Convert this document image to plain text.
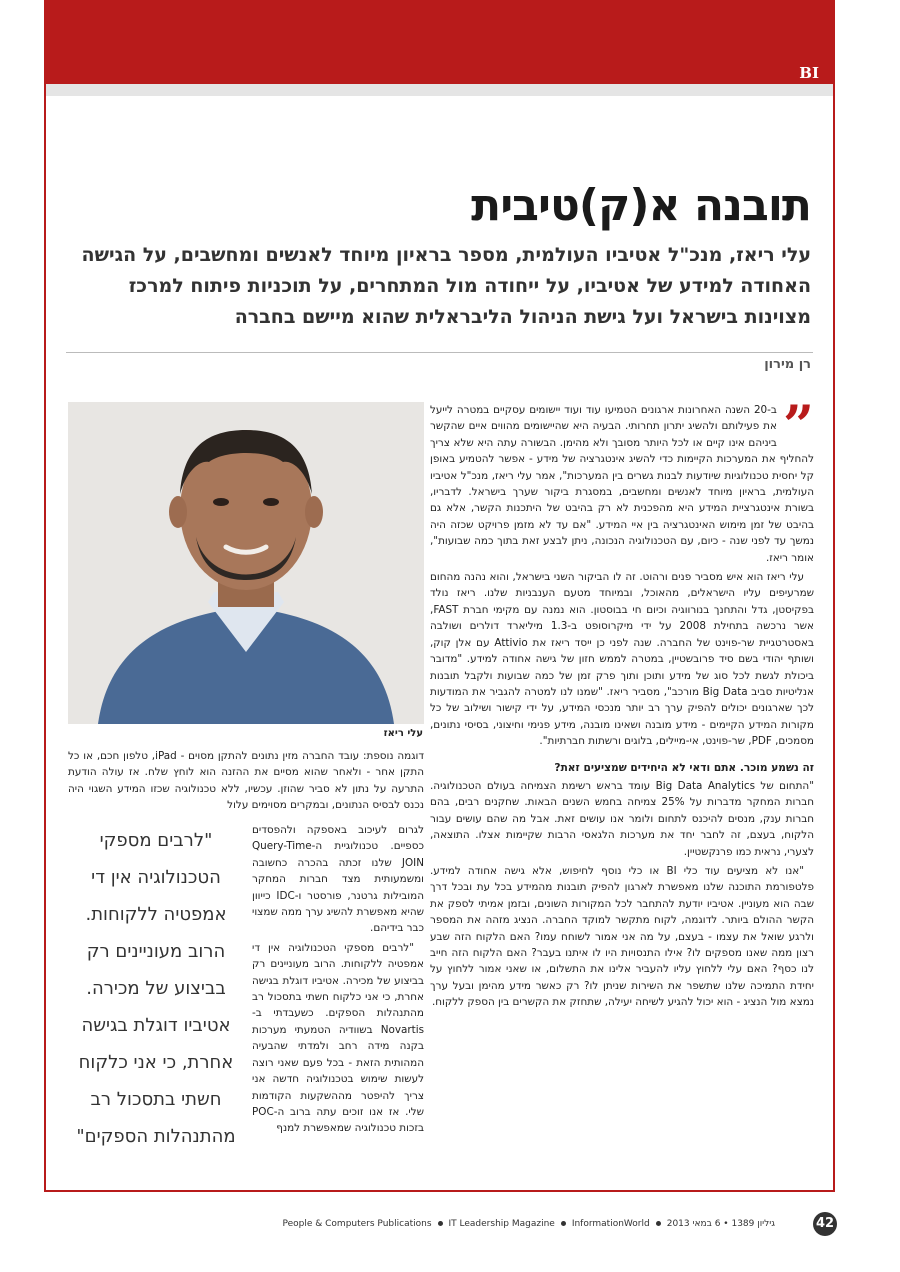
BI
תובנה א(ק)טיבית
עלי ריאז, מנכ"ל אטיביו העולמית, מספר בראיון מיוחד לאנשים ומחשבים, על הגישה האחודה למידע של אטיביו, על ייחודה מול המתחרים, על תוכניות פיתוח למרכז מצוינות בישראל ועל גישת הניהול הליבראלית שהוא מיישם בחברה
רן מירון
”

ב-20 השנה האחרונות ארגונים הטמיעו עוד ועוד יישומים עסקיים במטרה לייעל את פעילותם ולהשיג יתרון תחרותי. הבעיה היא שהיישומים מהווים איים שהקשר ביניהם אינו קיים או לכל היותר מסובך ולא מהימן. הבשורה עתה היא שלא צריך להחליף את המערכות הקיימות כדי להשיג אינטגרציה של מידע - אפשר להטמיע באופן קל יחסית טכנולוגיות שיודעות לבנות גשרים בין המערכות", אמר עלי ריאז, מנכ"ל אטיביו העולמית, בראיון מיוחד לאנשים ומחשבים, במסגרת ביקור שערך בישראל. לדבריו, בשורת אינטגרציית המידע היא מהפכנית לא רק בהיבט של היתכנות הקשר, אלא גם בהיבט של זמן מימוש האינטגרציה בין איי המידע. "אם עד לא מזמן פרויקט שכזה היה נמשך עד לפני שנה - כיום, עם הטכנולוגיה הנכונה, ניתן לבצע זאת בתוך כמה שבועות", אומר ריאז.

עלי ריאז הוא איש מסביר פנים ורהוט. זה לו הביקור השני בישראל, והוא נהנה מהחום שמרעיפים עליו הישראלים, מהאוכל, ובמיוחד מטעם הענבניות שלנו. ריאז נולד בפקיסטן, גדל והתחנך בנורווגיה וכיום חי בבוסטון. הוא נמנה עם מקימי חברת FAST, אשר נרכשה בתחילת 2008 על ידי מיקרוסופט ב-1.3 מיליארד דולרים ושולבה באסטרטגיית שר-פוינט של החברה. שנה לפני כן ייסד ריאז את Attivio עם אלן קוק, ושותף יהודי בשם סיד פרובשטיין, במטרה לממש חזון של גישה אחודה למידע. "מדובר ביכולת לגשת לכל סוג של מידע ותוכן ותוך פרק זמן של כמה שבועות ולקבל תובנות אנליטיות סביב Big Data מורכב", מסביר ריאז. "שמנו לנו למטרה להגביר את המודעות לכך שארגונים יכולים להפיק ערך רב יותר מנכסי המידע, על ידי קישור ושילוב של כל מקורות המידע הקיימים - מידע מובנה ושאינו מובנה, מידע פנימי וחיצוני, בסיסי נתונים, מסמכים, PDF, שר-פוינט, אי-מיילים, בלוגים ורשתות חברתיות".

זה נשמע מוכר. אתם ודאי לא היחידים שמציעים זאת?

"התחום של Big Data Analytics עומד בראש רשימת הצמיחה בעולם הטכנולוגיה. חברות המחקר מדברות על 25% צמיחה בחמש השנים הבאות. שחקנים רבים, בהם חברות ענק, מנסים להיכנס לתחום ולומר אנו עושים זאת. אבל מה שהם עושים עבור הלקוח, בעצם, זה לחבר יחד את מערכות הלגאסי הרבות שקיימות אצלו. התוצאה, לצערי, נראית כמו פרנקשטיין.

"אנו לא מציעים עוד כלי BI או כלי נוסף לחיפוש, אלא גישה אחודה למידע. פלטפורמת התוכנה שלנו מאפשרת לארגון להפיק תובנות מהמידע בכל עת ובכל דרך שבה הוא מעוניין. אטיביו יודעת להתחבר לכל המקורות השונים, ובזמן אמיתי לספק את הקשר ההולם ביותר. לדוגמה, לקוח מתקשר למוקד החברה. הנציג מזהה את המספר ולרגע שואל את עצמו - בעצם, על מה אני אמור לשוחח עמו? האם הלקוח הזה שבע רצון ממה שאנו מספקים לו? אילו התנסויות היו לו איתנו בעבר? האם הלקוח הזה חייב לנו כסף? האם עלי ללחוץ עליו להעביר אלינו את התשלום, או שאני אמור ללחוץ על יחידת התמיכה שלנו שתשפר את השירות שניתן לו? רק כאשר מידע מהימן ובעל ערך נמצא מול הנציג - הוא יכול להגיע לשיחה יעילה, שתחזק את הקשרים בין הספק ללקוח.

עלי ריאז

דוגמה נוספת: עובד החברה מזין נתונים להתקן מסוים - iPad, טלפון חכם, או כל התקן אחר - ולאחר שהוא מסיים את ההזנה הוא לוחץ שלח. אז עולה הודעת התרעה על נתון לא סביר שהוזן. עכשיו, ללא טכנולוגיה שכזו המידע השגוי היה נכנס לבסיס הנתונים, ובמקרים מסוימים עלול

"לרבים מספקי הטכנולוגיה אין די אמפטיה ללקוחות. הרוב מעוניינים רק בביצוע של מכירה. אטיביו דוגלת בגישה אחרת, כי אני כלקוח חשתי בתסכול רב מהתנהלות הספקים"

לגרום לעיכוב באספקה ולהפסדים כספיים. טכנולוגיית ה-Query-Time JOIN שלנו זכתה בהכרה כחשובה ומשמעותית מצד חברות המחקר המובילות גרטנר, פורסטר ו-IDC כייוון שהיא מאפשרת להשיג ערך ממה שמצוי כבר בידיהם.

"לרבים מספקי הטכנולוגיה אין די אמפטיה ללקוחות. הרוב מעוניינים רק בביצוע של מכירה. אטיביו דוגלת בגישה אחרת, כי אני כלקוח חשתי בתסכול רב מהתנהלות הספקים. כשעבדתי ב-Novartis בשוודיה הטמעתי מערכות בקנה מידה רחב ולמדתי שהבעיה המהותית הזאת - בכל פעם שאני רוצה לעשות שימוש בטכנולוגיה חדשה אני צריך להיפטר מההשקעות הקודמות שלי. אז אנו זוכים עתה ברוב ה-POC בזכות טכנולוגיה שמאפשרת למנף

People & Computers Publications IT Leadership Magazine InformationWorld גיליון 1389 • 6 במאי 2013	42
